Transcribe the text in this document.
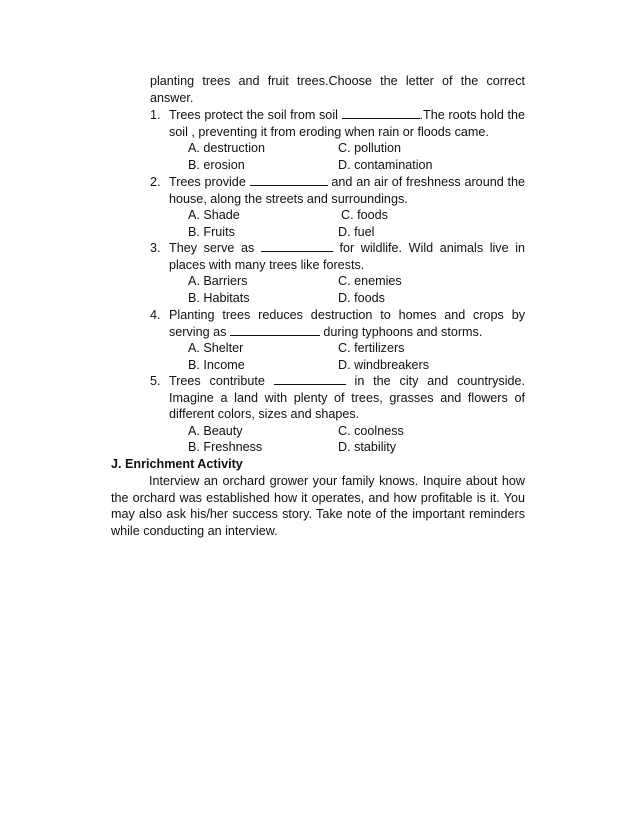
planting trees and fruit trees.Choose the letter of the correct answer.
1. Trees protect the soil from soil	.The roots hold the soil , preventing it from eroding when rain or floods came.
A. destruction	C. pollution
B. erosion	D. contamination
2. Trees provide	and an air of freshness around the house, along the streets and surroundings.
A. Shade	C. foods
B. Fruits	D. fuel
3. They serve as	for wildlife. Wild animals live in places with many trees like forests.
A. Barriers	C. enemies
B. Habitats	D. foods
4. Planting trees reduces destruction to homes and crops by serving as	during typhoons and storms.
A. Shelter	C. fertilizers
B. Income	D. windbreakers
5. Trees contribute	in the city and countryside. Imagine a land with plenty of trees, grasses and flowers of different colors, sizes and shapes.
A. Beauty	C. coolness
B. Freshness	D. stability
J. Enrichment Activity
Interview an orchard grower your family knows. Inquire about how the orchard was established how it operates, and how profitable is it. You may also ask his/her success story. Take note of the important reminders while conducting an interview.
